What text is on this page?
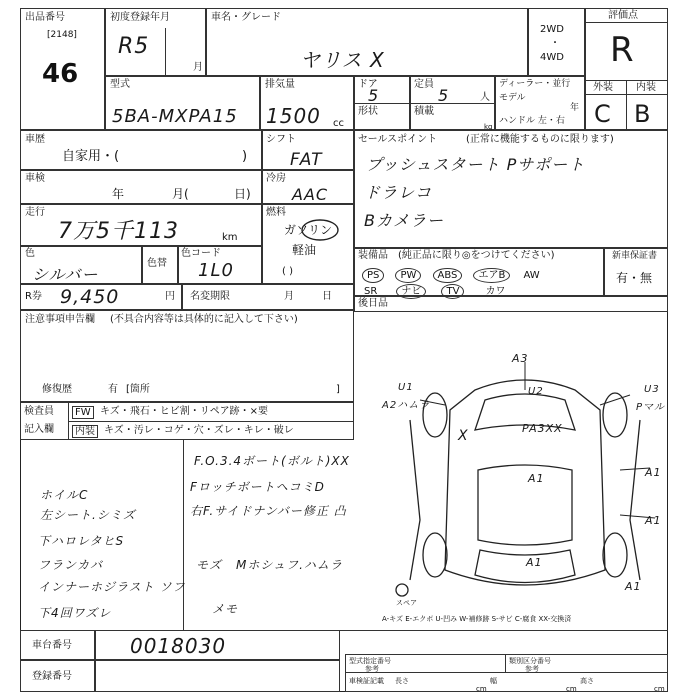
出品番号
[2148]
46
初度登録年月
R5
月
車名・グレード
ヤリス X
2WD
・
4WD
評価点
R
外装 内装
C B
型式
5BA-MXPA15
排気量
1500 cc
ドア
5
形状
定員
5	人
積載
kg
ディーラー・並行
モデル
年
ハンドル 左・右
車歴
自家用・(	)
車検
年	月(	日)
走行
7万5千113	km
色
シルバー
色替
色コード
1L0
シフト
FAT
冷房
AAC
燃料
ガソリン
軽油
( )
R券 9,450	円 名変期限	月	日
注意事項申告欄 (不具合内容等は具体的に記入して下さい)
修復歴	有 [箇所	]
セールスポイント	(正常に機能するものに限ります)
プッシュスタート Pサポート
ドラレコ
Bカメラー
装備品 (純正品に限り◎をつけてください)
PS PW ABS エアB AW
SR ナビ	TV	カワ
新車保証書
有・無
後日品
検査員
記入欄
FW キズ・飛石・ヒビ割・リペア跡・×要
内装 キズ・汚レ・コゲ・穴・ズレ・キレ・破レ
F.O.3.4ボート(ボルト)XX
FロッチボートヘコミD
右F.サイドナンバー修正 凸
ホイルC
左シート.シミズ
下ハロレタヒS
フランカバ
インナーホジラスト ソフ
下4回ワズレ
モズ Mホシュフ.ハムラ
メモ
A3
U1
A2ハムラ
U2	U3
Pマル
X	PA3XX
A1	A1
A1
A1
A1
スペア
A-キズ E-エクボ U-凹み W-補修跡 S-サビ C-腐食 XX-交換済
車台番号	0018030
登録番号
型式指定番号
参考
類別区分番号
参考
車検証記載 長さ
cm
幅
cm
高さ
cm
